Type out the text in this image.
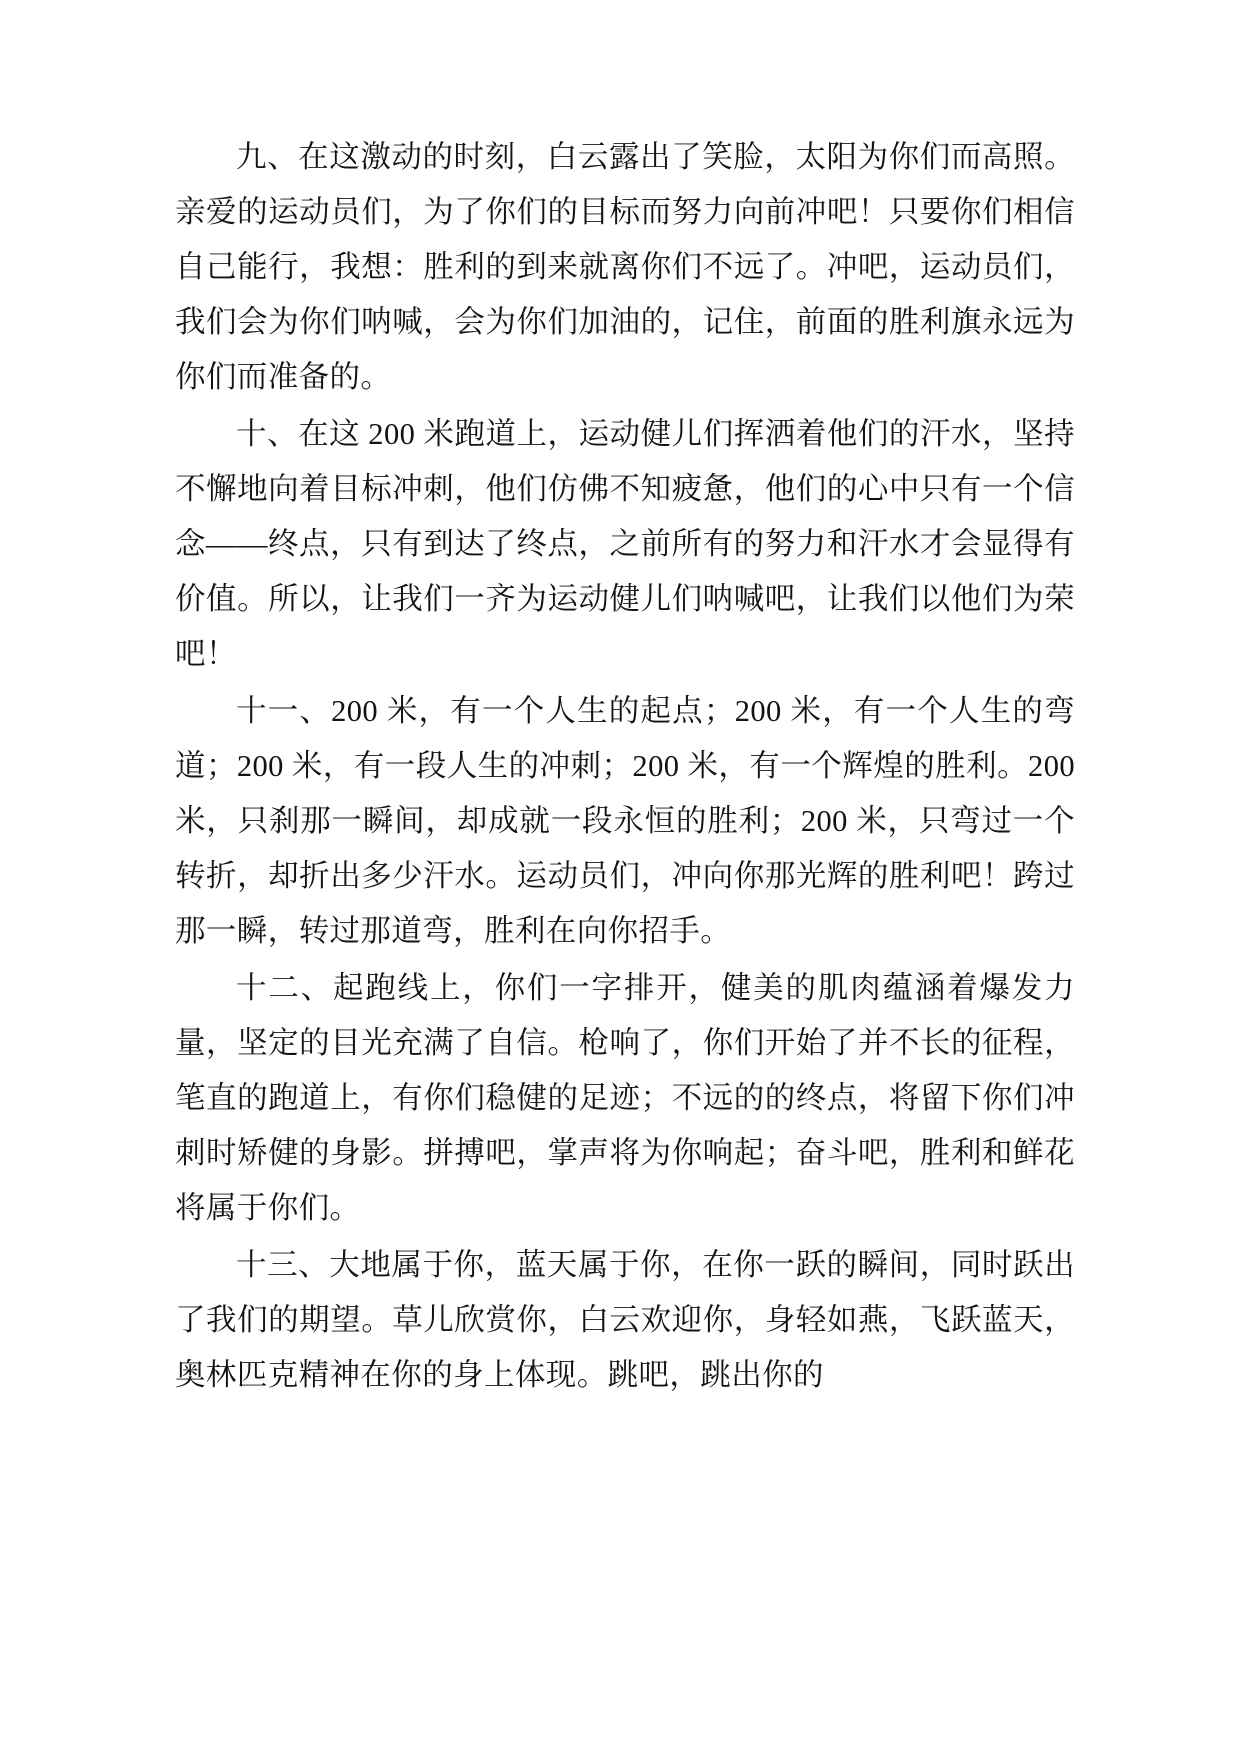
九、在这激动的时刻，白云露出了笑脸，太阳为你们而高照。亲爱的运动员们，为了你们的目标而努力向前冲吧！只要你们相信自己能行，我想：胜利的到来就离你们不远了。冲吧，运动员们，我们会为你们呐喊，会为你们加油的，记住，前面的胜利旗永远为你们而准备的。

十、在这 200 米跑道上，运动健儿们挥洒着他们的汗水，坚持不懈地向着目标冲刺，他们仿佛不知疲惫，他们的心中只有一个信念——终点，只有到达了终点，之前所有的努力和汗水才会显得有价值。所以，让我们一齐为运动健儿们呐喊吧，让我们以他们为荣吧！

十一、200 米，有一个人生的起点；200 米，有一个人生的弯道；200 米，有一段人生的冲刺；200 米，有一个辉煌的胜利。200 米，只刹那一瞬间，却成就一段永恒的胜利；200 米，只弯过一个转折，却折出多少汗水。运动员们，冲向你那光辉的胜利吧！跨过那一瞬，转过那道弯，胜利在向你招手。

十二、起跑线上，你们一字排开，健美的肌肉蕴涵着爆发力量，坚定的目光充满了自信。枪响了，你们开始了并不长的征程，笔直的跑道上，有你们稳健的足迹；不远的的终点，将留下你们冲刺时矫健的身影。拼搏吧，掌声将为你响起；奋斗吧，胜利和鲜花将属于你们。

十三、大地属于你，蓝天属于你，在你一跃的瞬间，同时跃出了我们的期望。草儿欣赏你，白云欢迎你，身轻如燕，飞跃蓝天，奥林匹克精神在你的身上体现。跳吧，跳出你的
